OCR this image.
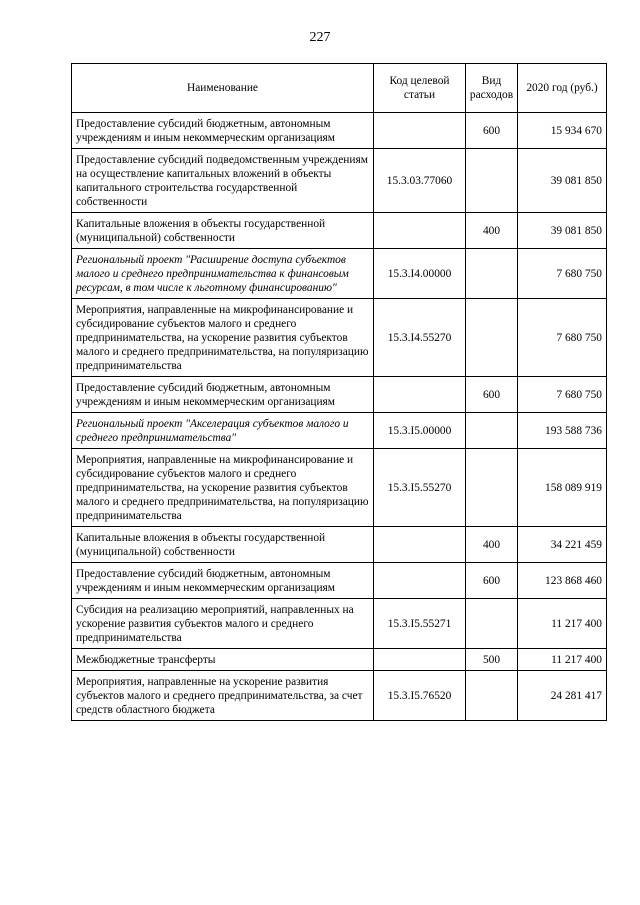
227
Наименование	Код целевой статьи	Вид расходов	2020 год (руб.)
Предоставление субсидий бюджетным, автономным учреждениям и иным некоммерческим организациям		600	15 934 670
Предоставление субсидий подведомственным учреждениям на осуществление капитальных вложений в объекты капитального строительства государственной собственности	15.3.03.77060		39 081 850
Капитальные вложения в объекты государственной (муниципальной) собственности		400	39 081 850
Региональный проект "Расширение доступа субъектов малого и среднего предпринимательства к финансовым ресурсам, в том числе к льготному финансированию"	15.3.I4.00000		7 680 750
Мероприятия, направленные на микрофинансирование и субсидирование субъектов малого и среднего предпринимательства, на ускорение развития субъектов малого и среднего предпринимательства, на популяризацию предпринимательства	15.3.I4.55270		7 680 750
Предоставление субсидий бюджетным, автономным учреждениям и иным некоммерческим организациям		600	7 680 750
Региональный проект "Акселерация субъектов малого и среднего предпринимательства"	15.3.I5.00000		193 588 736
Мероприятия, направленные на микрофинансирование и субсидирование субъектов малого и среднего предпринимательства, на ускорение развития субъектов малого и среднего предпринимательства, на популяризацию предпринимательства	15.3.I5.55270		158 089 919
Капитальные вложения в объекты государственной (муниципальной) собственности		400	34 221 459
Предоставление субсидий бюджетным, автономным учреждениям и иным некоммерческим организациям		600	123 868 460
Субсидия на реализацию мероприятий, направленных на ускорение развития субъектов малого и среднего предпринимательства	15.3.I5.55271		11 217 400
Межбюджетные трансферты		500	11 217 400
Мероприятия, направленные на ускорение развития субъектов малого и среднего предпринимательства, за счет средств областного бюджета	15.3.I5.76520		24 281 417
